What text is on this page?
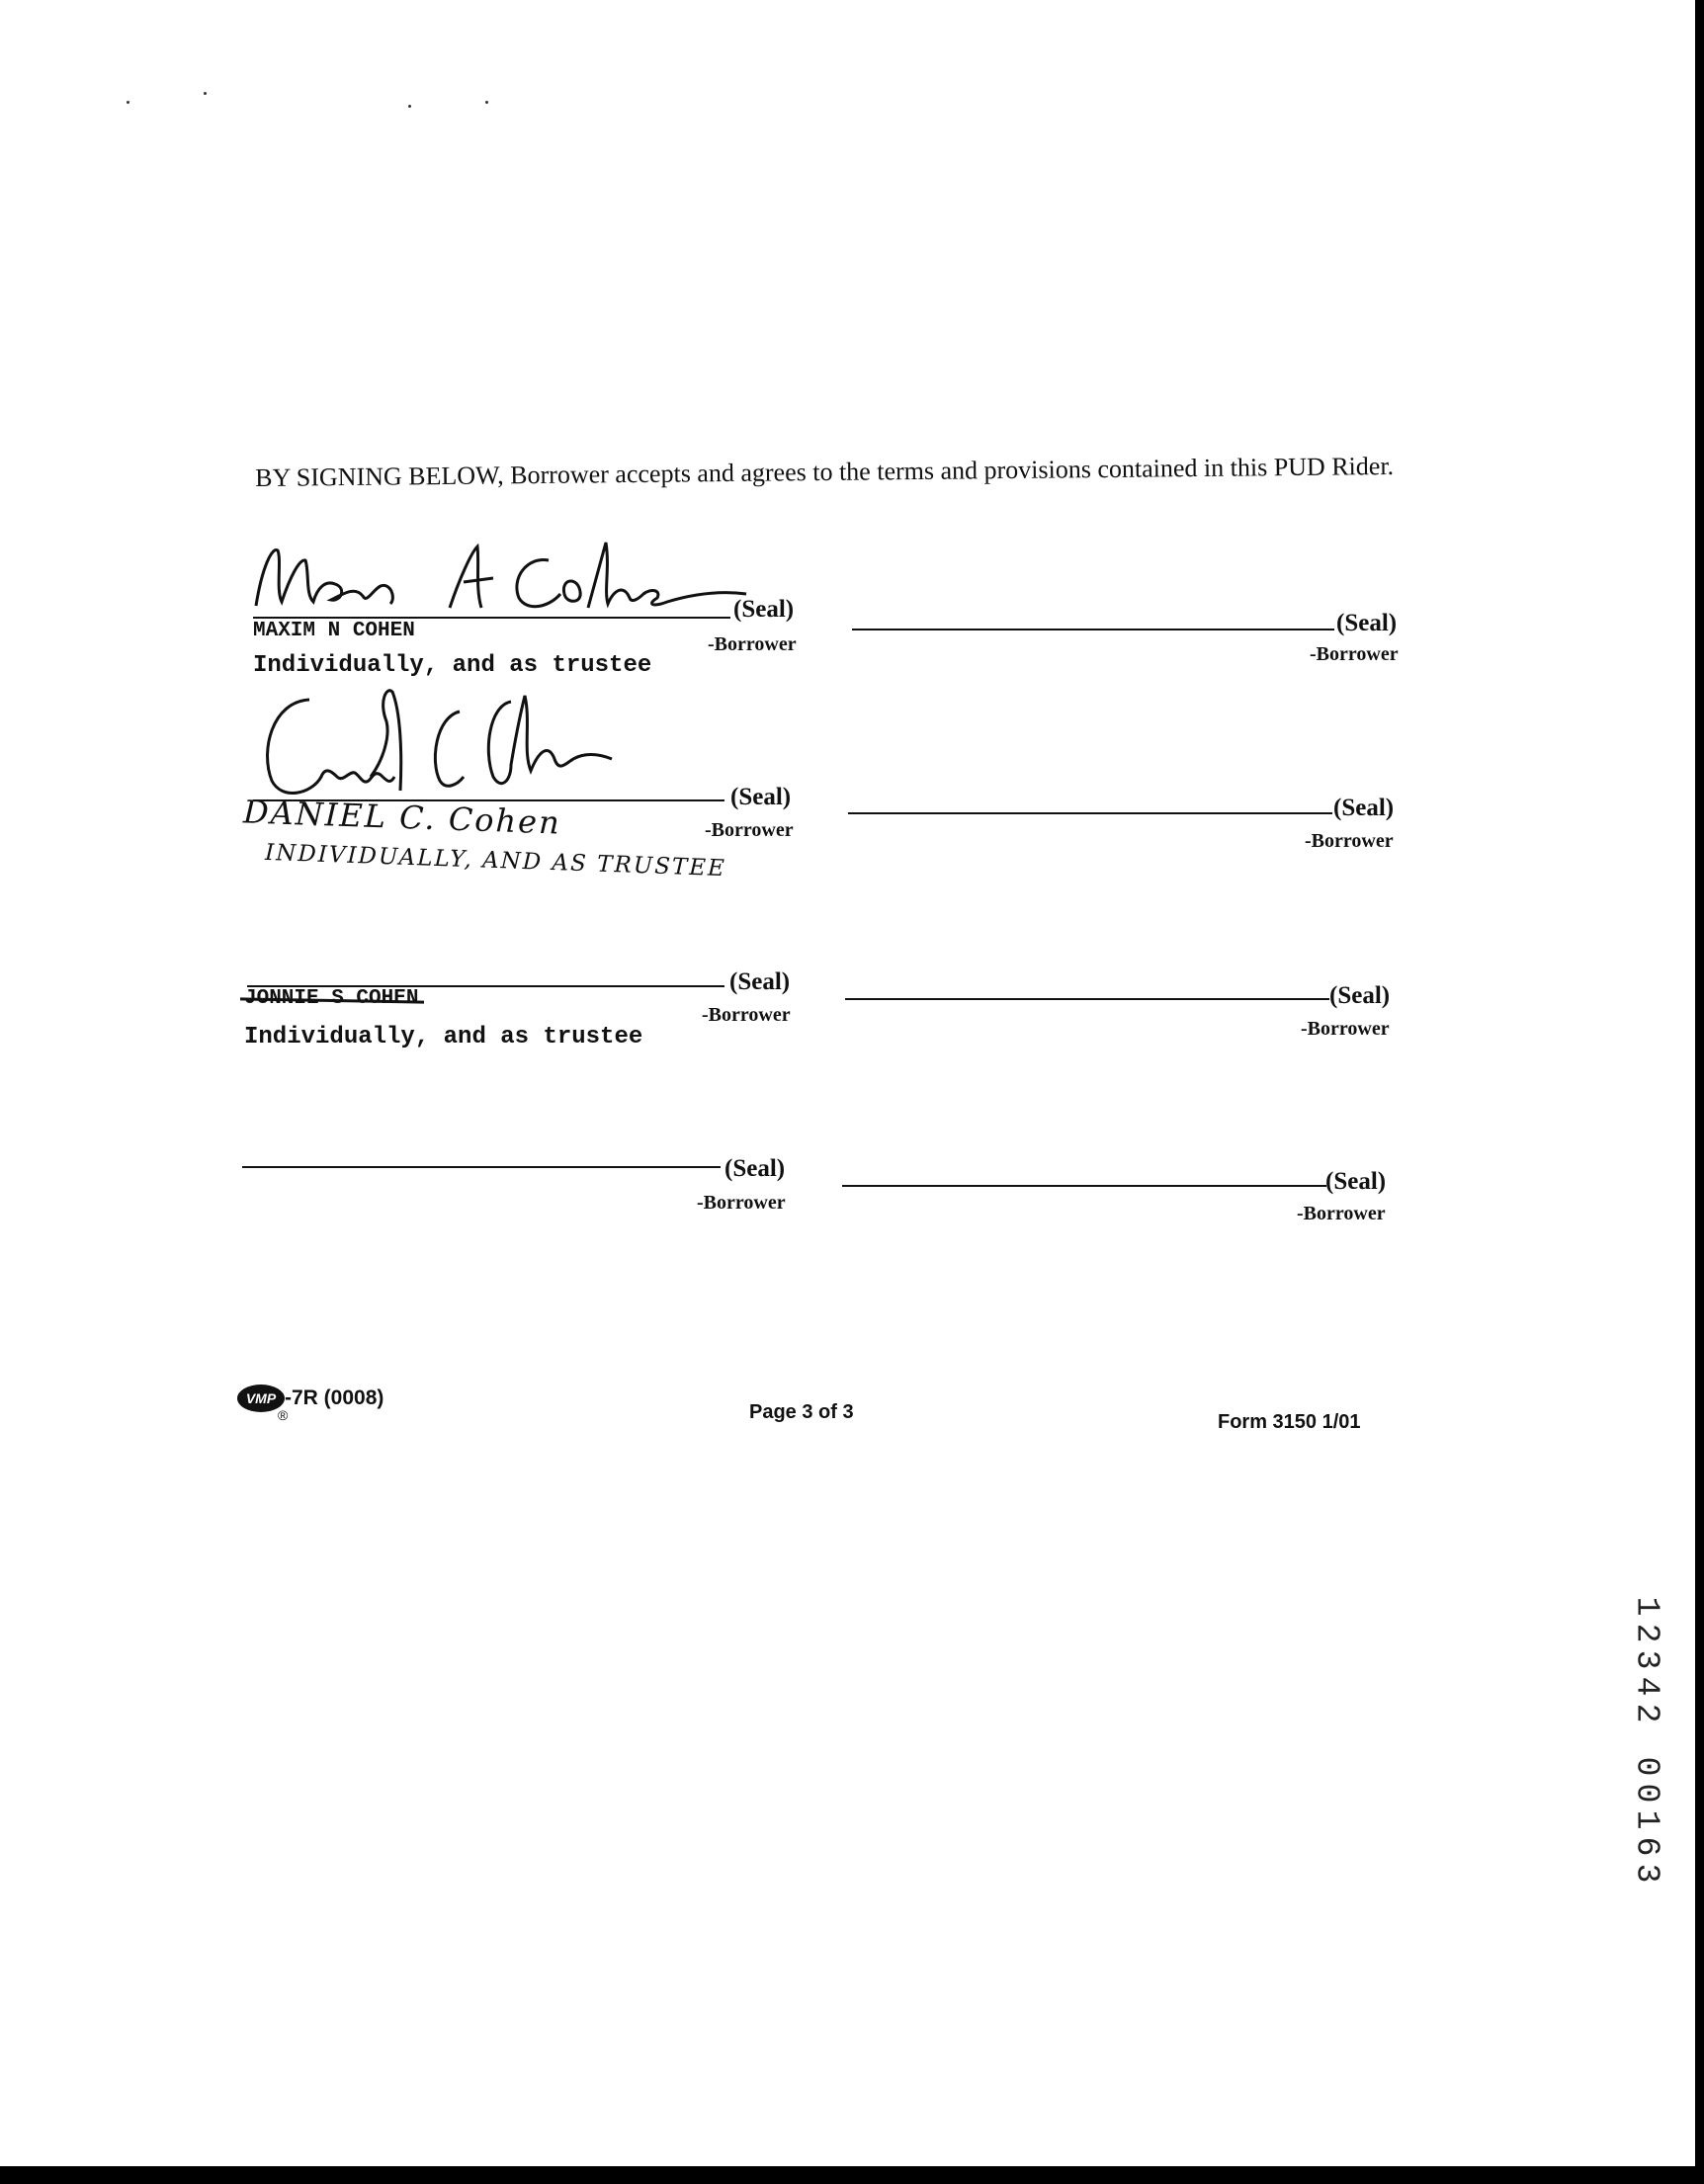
BY SIGNING BELOW, Borrower accepts and agrees to the terms and provisions contained in this PUD Rider.
(Seal)
-Borrower
MAXIM N COHEN
Individually, and as trustee
(Seal)
-Borrower
(Seal)
-Borrower
DANIEL C. Cohen
INDIVIDUALLY, AND AS TRUSTEE
(Seal)
-Borrower
(Seal)
-Borrower
JONNIE S COHEN
Individually, and as trustee
(Seal)
-Borrower
(Seal)
-Borrower
(Seal)
-Borrower
VMP
®
-7R (0008)
Page 3 of 3	Form 3150 1/01
1
2
3
4
2

0
0
1
6
3
